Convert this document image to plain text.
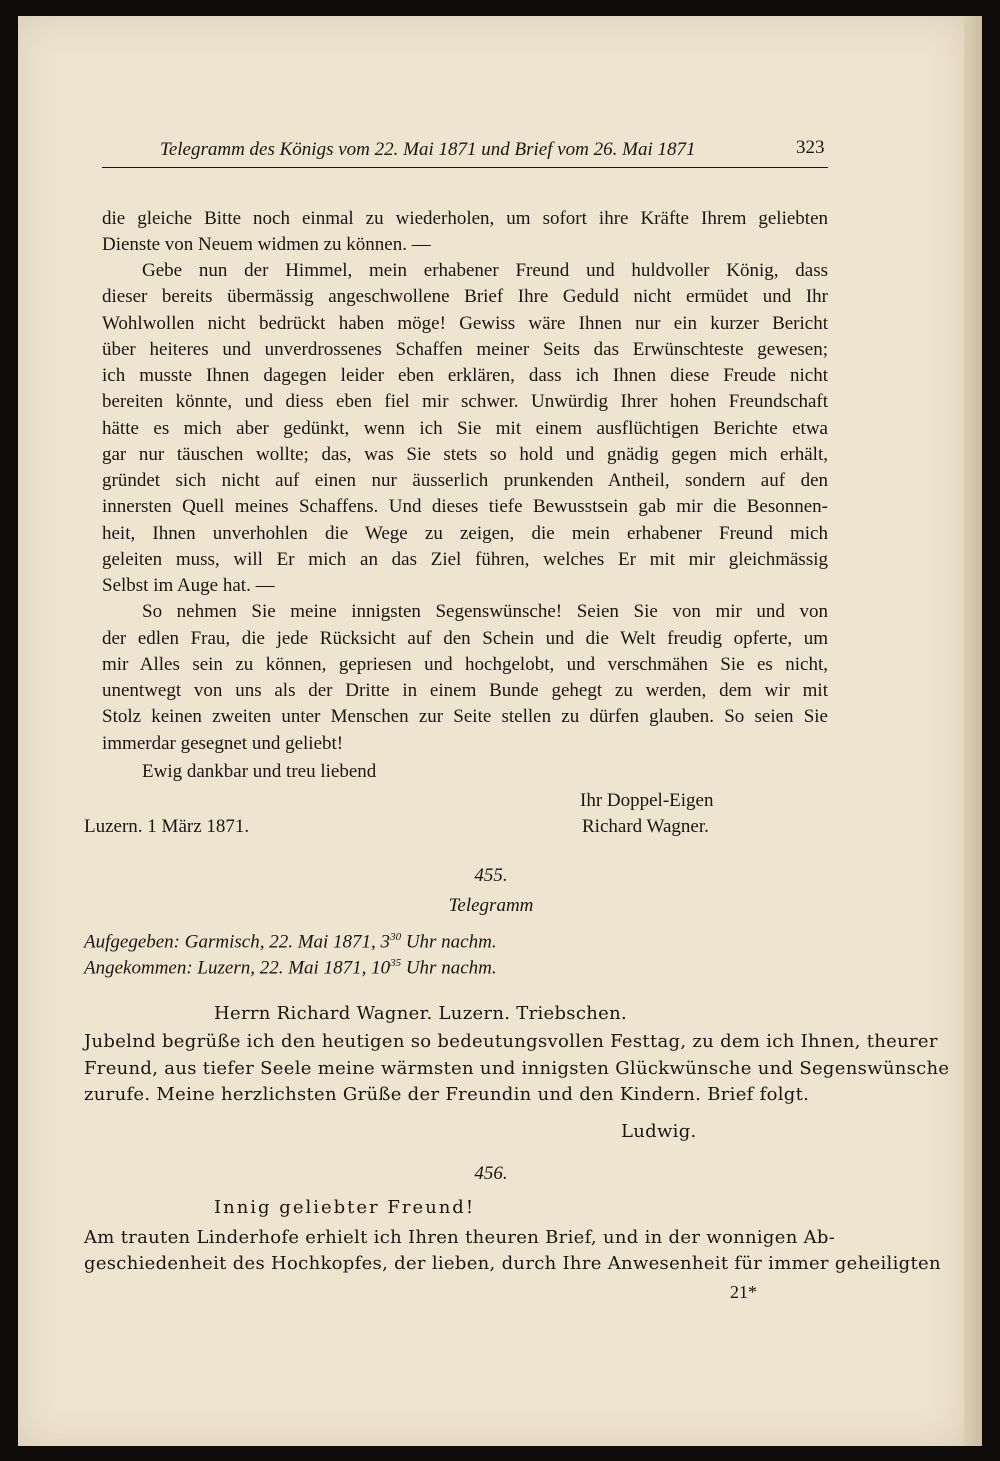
Telegramm des Königs vom 22. Mai 1871 und Brief vom 26. Mai 1871	323
die gleiche Bitte noch einmal zu wiederholen, um sofort ihre Kräfte Ihrem geliebten
Dienste von Neuem widmen zu können. —
Gebe nun der Himmel, mein erhabener Freund und huldvoller König, dass
dieser bereits übermässig angeschwollene Brief Ihre Geduld nicht ermüdet und Ihr
Wohlwollen nicht bedrückt haben möge! Gewiss wäre Ihnen nur ein kurzer Bericht
über heiteres und unverdrossenes Schaffen meiner Seits das Erwünschteste gewesen;
ich musste Ihnen dagegen leider eben erklären, dass ich Ihnen diese Freude nicht
bereiten könnte, und diess eben fiel mir schwer. Unwürdig Ihrer hohen Freundschaft
hätte es mich aber gedünkt, wenn ich Sie mit einem ausflüchtigen Berichte etwa
gar nur täuschen wollte; das, was Sie stets so hold und gnädig gegen mich erhält,
gründet sich nicht auf einen nur äusserlich prunkenden Antheil, sondern auf den
innersten Quell meines Schaffens. Und dieses tiefe Bewusstsein gab mir die Besonnen-
heit, Ihnen unverhohlen die Wege zu zeigen, die mein erhabener Freund mich
geleiten muss, will Er mich an das Ziel führen, welches Er mit mir gleichmässig
Selbst im Auge hat. —
So nehmen Sie meine innigsten Segenswünsche! Seien Sie von mir und von
der edlen Frau, die jede Rücksicht auf den Schein und die Welt freudig opferte, um
mir Alles sein zu können, gepriesen und hochgelobt, und verschmähen Sie es nicht,
unentwegt von uns als der Dritte in einem Bunde gehegt zu werden, dem wir mit
Stolz keinen zweiten unter Menschen zur Seite stellen zu dürfen glauben. So seien Sie
immerdar gesegnet und geliebt!
Ewig dankbar und treu liebend
Ihr Doppel-Eigen
Luzern. 1 März 1871.	Richard Wagner.
455.
Telegramm
Aufgegeben: Garmisch, 22. Mai 1871, $3^{30}$ Uhr nachm.
Angekommen: Luzern, 22. Mai 1871, $10^{35}$ Uhr nachm.
Herrn Richard Wagner. Luzern. Triebschen.
Jubelnd begrüße ich den heutigen so bedeutungsvollen Festtag, zu dem ich Ihnen, theurer
Freund, aus tiefer Seele meine wärmsten und innigsten Glückwünsche und Segenswünsche
zurufe. Meine herzlichsten Grüße der Freundin und den Kindern. Brief folgt.
Ludwig.
456.
Innig geliebter Freund!
Am trauten Linderhofe erhielt ich Ihren theuren Brief, und in der wonnigen Ab-
geschiedenheit des Hochkopfes, der lieben, durch Ihre Anwesenheit für immer geheiligten
21*
